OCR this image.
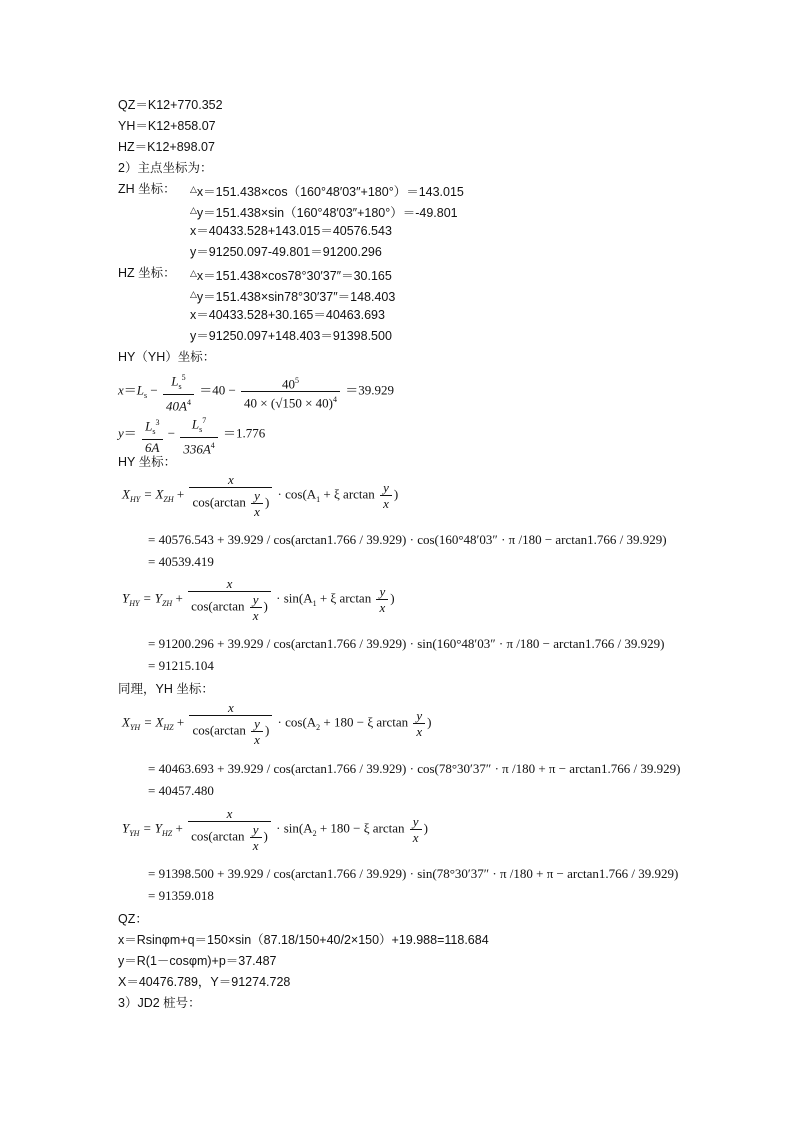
QZ＝K12+770.352
YH＝K12+858.07
HZ＝K12+898.07
2）主点坐标为：
ZH 坐标： △x＝151.438×cos（160°48′03″+180°）＝143.015
△y＝151.438×sin（160°48′03″+180°）＝-49.801
x＝40433.528+143.015＝40576.543
y＝91250.097-49.801＝91200.296
HZ 坐标： △x＝151.438×cos78°30′37″＝30.165
△y＝151.438×sin78°30′37″＝148.403
x＝40433.528+30.165＝40463.693
y＝91250.097+148.403＝91398.500
HY（YH）坐标：
$x=L_s - \frac{L_s^5}{40A^4} =40 - \frac{40^5}{40 \times (√150 \times 40)^4} =39.929$
$y= \frac{L_s^3}{6A} - \frac{L_s^7}{336A^4} =1.776$
HY 坐标：
$X_{HY} = X_{ZH} + \frac{x}{\cos(\arctan \frac{y}{x} )} \cdot \cos(A_1 + \xi$ $\arctan \frac{y}{x}$ )
= 40576.543 + 39.929 / cos(arctan1.766 / 39.929) · cos(160°48′03″ · π /180 − arctan1.766 / 39.929)
= 40539.419
$Y_{HY} = Y_{ZH} + \frac{x}{\cos(\arctan \frac{y}{x} )} \cdot \sin(A_1 + \xi$ $\arctan \frac{y}{x}$ )
= 91200.296 + 39.929 / cos(arctan1.766 / 39.929) · sin(160°48′03″ · π /180 − arctan1.766 / 39.929)
= 91215.104
同理，YH 坐标：
$X_{YH} = X_{HZ} + \frac{x}{\cos(\arctan \frac{y}{x} )} \cdot \cos(A_2 + 180 - \xi$ $\arctan \frac{y}{x}$ )
= 40463.693 + 39.929 / cos(arctan1.766 / 39.929) · cos(78°30′37″ · π /180 + π − arctan1.766 / 39.929)
= 40457.480
$Y_{YH} = Y_{HZ} + \frac{x}{\cos(\arctan \frac{y}{x} )} \cdot \sin(A_2 + 180 - \xi$ $\arctan \frac{y}{x}$ )
= 91398.500 + 39.929 / cos(arctan1.766 / 39.929) · sin(78°30′37″ · π /180 + π − arctan1.766 / 39.929)
= 91359.018
QZ：
x＝Rsinφm+q＝150×sin（87.18/150+40/2×150）+19.988=118.684
y＝R(1－cosφm)+p＝37.487
X＝40476.789，Y＝91274.728
3）JD2 桩号：
